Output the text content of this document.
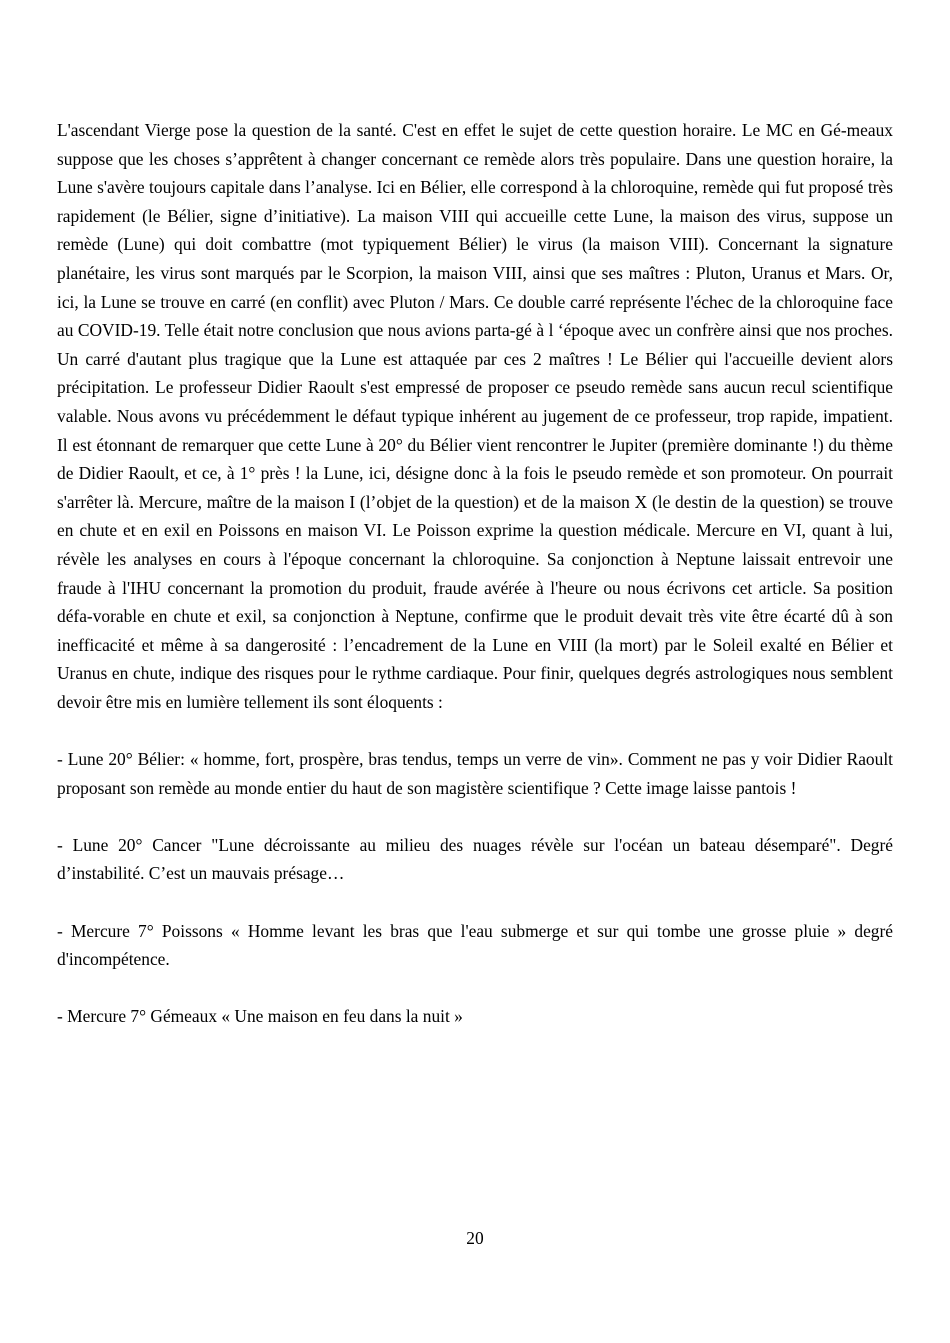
L'ascendant Vierge pose la question de la santé. C'est en effet le sujet de cette question horaire. Le MC en Gé-meaux suppose que les choses s’apprêtent à changer concernant ce remède alors très populaire. Dans une question horaire, la Lune s'avère toujours capitale dans l’analyse. Ici en Bélier, elle correspond à la chloroquine, remède qui fut proposé très rapidement (le Bélier, signe d’initiative). La maison VIII qui accueille cette Lune, la maison des virus, suppose un remède (Lune) qui doit combattre (mot typiquement Bélier) le virus (la maison VIII). Concernant la signature planétaire, les virus sont marqués par le Scorpion, la maison VIII, ainsi que ses maîtres : Pluton, Uranus et Mars. Or, ici, la Lune se trouve en carré (en conflit) avec Pluton / Mars. Ce double carré représente l'échec de la chloroquine face au COVID-19. Telle était notre conclusion que nous avions parta-gé à l ‘époque avec un confrère ainsi que nos proches. Un carré d'autant plus tragique que la Lune est attaquée par ces 2 maîtres ! Le Bélier qui l'accueille devient alors précipitation. Le professeur Didier Raoult s'est empressé de proposer ce pseudo remède sans aucun recul scientifique valable. Nous avons vu précédemment le défaut typique inhérent au jugement de ce professeur, trop rapide, impatient. Il est étonnant de remarquer que cette Lune à 20° du Bélier vient rencontrer le Jupiter (première dominante !) du thème de Didier Raoult, et ce, à 1° près ! la Lune, ici, désigne donc à la fois le pseudo remède et son promoteur. On pourrait s'arrêter là. Mercure, maître de la maison I (l’objet de la question) et de la maison X (le destin de la question) se trouve en chute et en exil en Poissons en maison VI. Le Poisson exprime la question médicale. Mercure en VI, quant à lui, révèle les analyses en cours à l'époque concernant la chloroquine. Sa conjonction à Neptune laissait entrevoir une fraude à l'IHU concernant la promotion du produit, fraude avérée à l'heure ou nous écrivons cet article. Sa position défa-vorable en chute et exil, sa conjonction à Neptune, confirme que le produit devait très vite être écarté dû à son inefficacité et même à sa dangerosité : l’encadrement de la Lune en VIII (la mort) par le Soleil exalté en Bélier et Uranus en chute, indique des risques pour le rythme cardiaque. Pour finir, quelques degrés astrologiques nous semblent devoir être mis en lumière tellement ils sont éloquents :

- Lune 20° Bélier: « homme, fort, prospère, bras tendus, temps un verre de vin». Comment ne pas y voir Didier Raoult proposant son remède au monde entier du haut de son magistère scientifique ? Cette image laisse pantois !

- Lune 20° Cancer "Lune décroissante au milieu des nuages révèle sur l'océan un bateau désemparé". Degré d’instabilité. C’est un mauvais présage…

- Mercure 7° Poissons « Homme levant les bras que l'eau submerge et sur qui tombe une grosse pluie » degré d'incompétence.

- Mercure 7° Gémeaux « Une maison en feu dans la nuit »

20
